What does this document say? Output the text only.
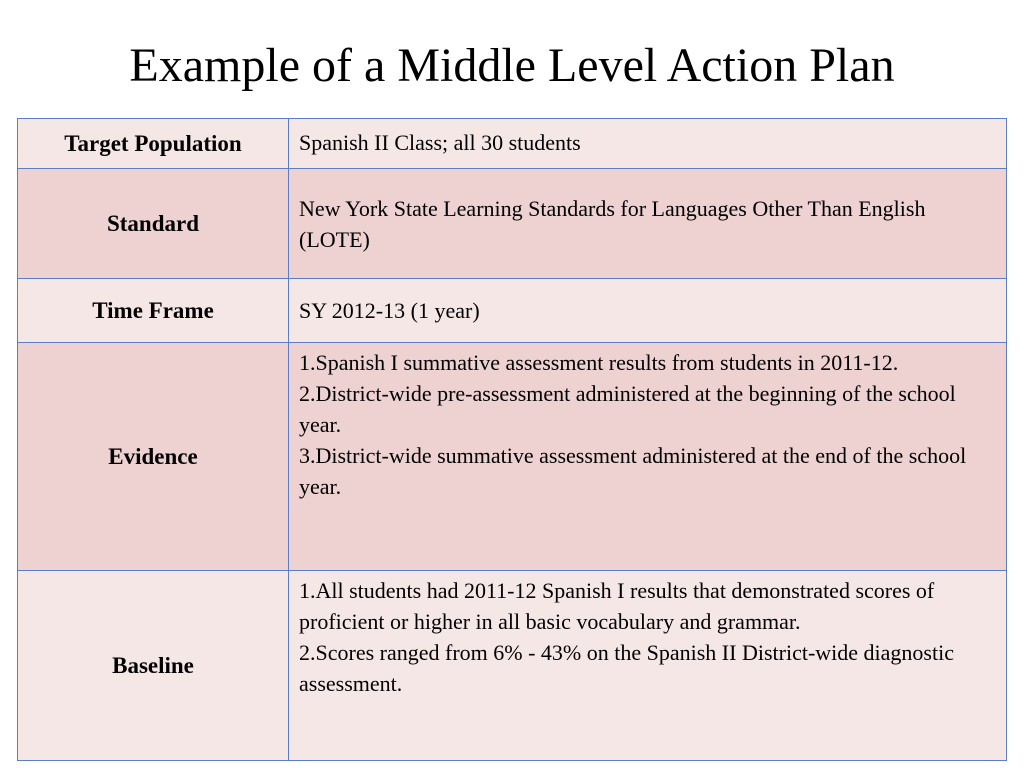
Example of a Middle Level Action Plan
Target Population	Spanish II Class; all 30 students

Standard	New York State Learning Standards for Languages Other Than English (LOTE)

Time Frame	SY 2012-13 (1 year)

Evidence	1.Spanish I summative assessment results from students in 2011-12.
2.District-wide pre-assessment administered at the beginning of the school year.
3.District-wide summative assessment administered at the end of the school year.

Baseline	1.All students had 2011-12 Spanish I results that demonstrated scores of proficient or higher in all basic vocabulary and grammar.
2.Scores ranged from 6% - 43% on the Spanish II District-wide diagnostic assessment.
